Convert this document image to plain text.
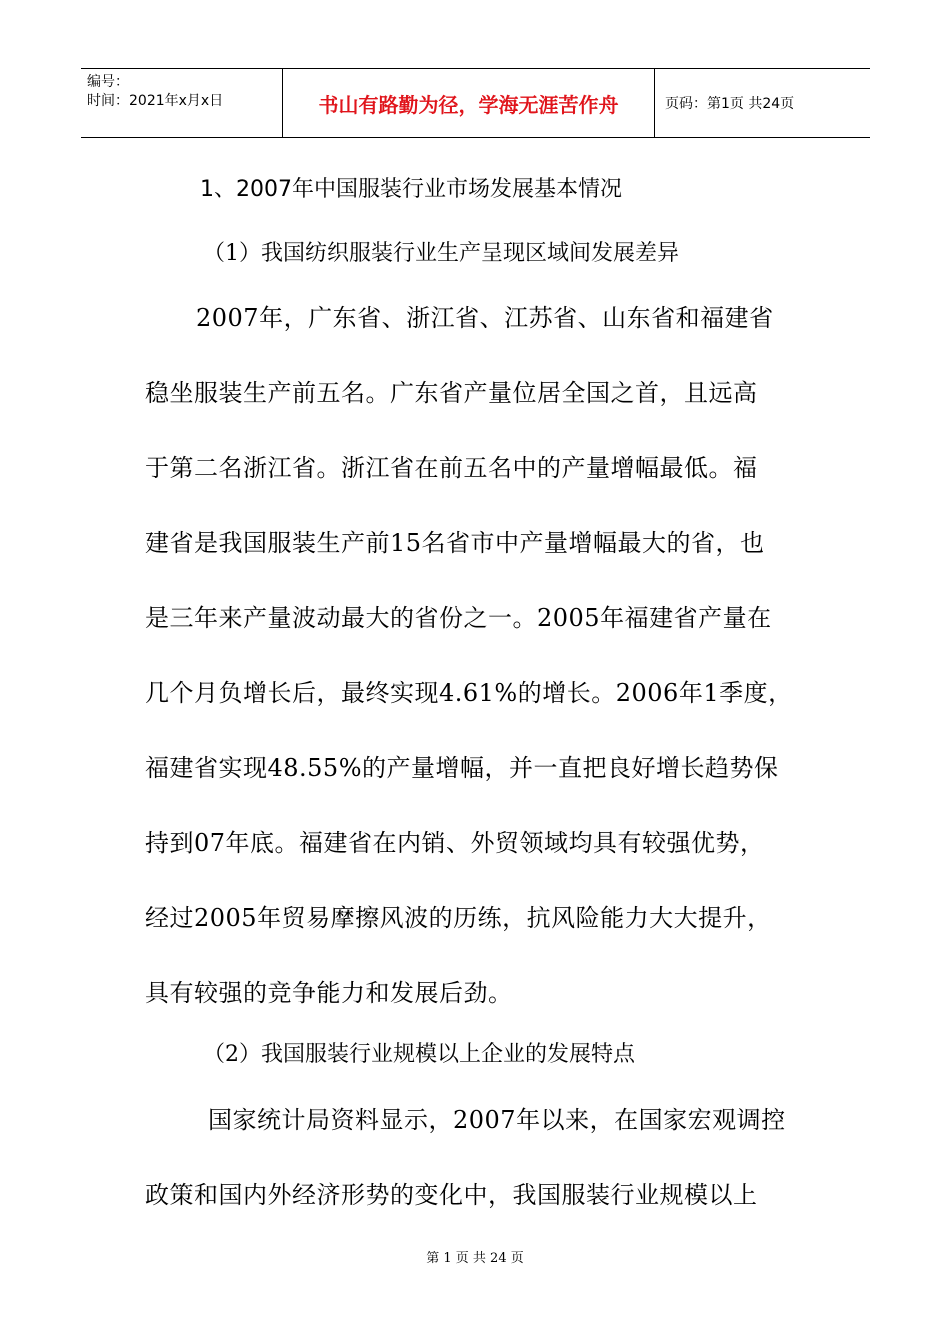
编号：
时间：2021年x月x日	书山有路勤为径，学海无涯苦作舟	页码：第1页 共24页
1、2007年中国服装行业市场发展基本情况
（1）我国纺织服装行业生产呈现区域间发展差异
2007年，广东省、浙江省、江苏省、山东省和福建省
稳坐服装生产前五名。广东省产量位居全国之首，且远高
于第二名浙江省。浙江省在前五名中的产量增幅最低。福
建省是我国服装生产前15名省市中产量增幅最大的省，也
是三年来产量波动最大的省份之一。2005年福建省产量在
几个月负增长后，最终实现4.61%的增长。2006年1季度，
福建省实现48.55%的产量增幅，并一直把良好增长趋势保
持到07年底。福建省在内销、外贸领域均具有较强优势，
经过2005年贸易摩擦风波的历练，抗风险能力大大提升，
具有较强的竞争能力和发展后劲。
（2）我国服装行业规模以上企业的发展特点
国家统计局资料显示，2007年以来，在国家宏观调控
政策和国内外经济形势的变化中，我国服装行业规模以上
第 1 页 共 24 页
